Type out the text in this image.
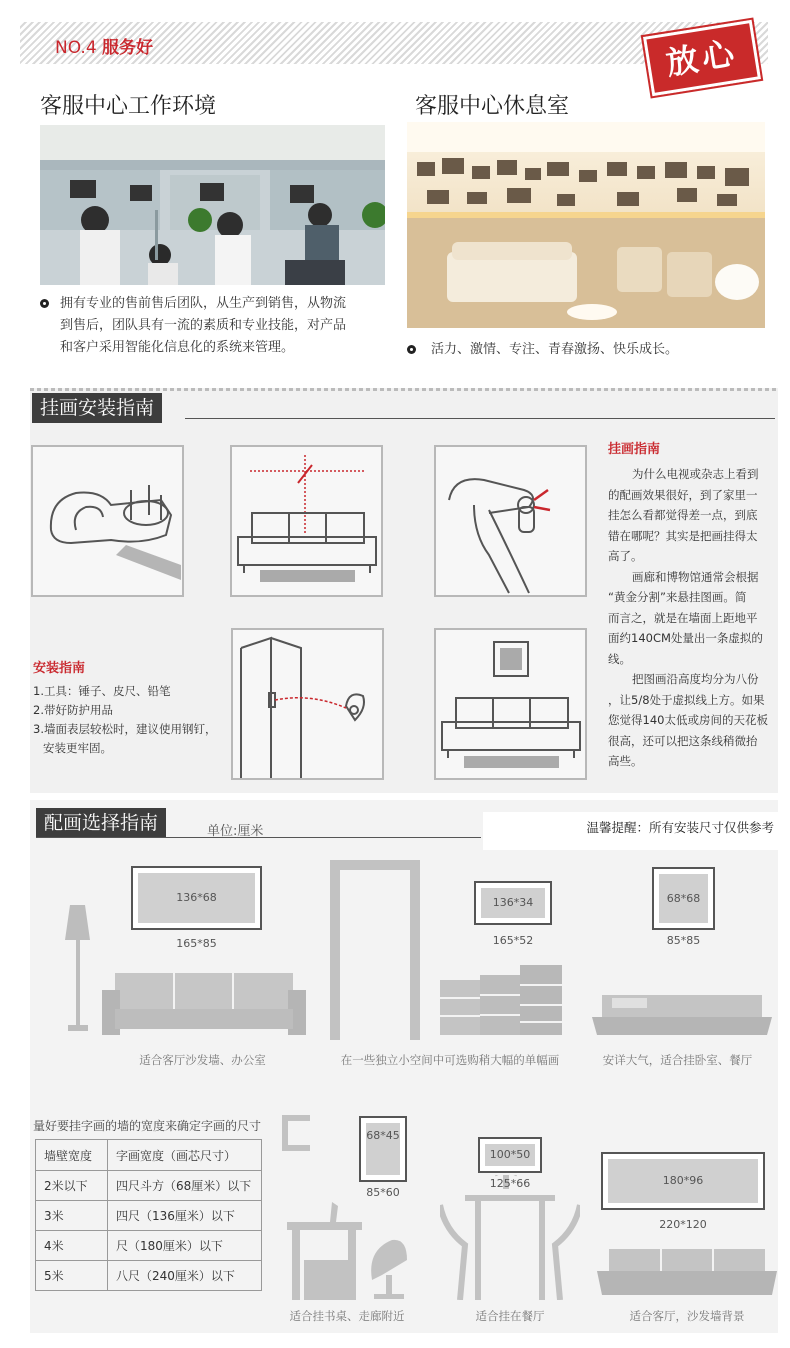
NO.4 服务好	放心
客服中心工作环境	客服中心休息室
拥有专业的售前售后团队，从生产到销售，从物流
到售后，团队具有一流的素质和专业技能，对产品
和客户采用智能化信息化的系统来管理。	活力、激情、专注、青春激扬、快乐成长。
挂画安装指南
挂画指南
为什么电视或杂志上看到
的配画效果很好，到了家里一
挂怎么看都觉得差一点，到底
错在哪呢？其实是把画挂得太
高了。
画廊和博物馆通常会根据
“黄金分割”来悬挂图画。简
而言之，就是在墙面上距地平
面约140CM处量出一条虚拟的
线。
把图画沿高度均分为八份
，让5/8处于虚拟线上方。如果
您觉得140太低或房间的天花板
很高，还可以把这条线稍微抬
高些。
安装指南
1.工具：锤子、皮尺、铅笔
2.带好防护用品
3.墙面表层较松时，建议使用钢钉，
安装更牢固。
配画选择指南	单位:厘米	温馨提醒：所有安装尺寸仅供参考
136*68
165*85
适合客厅沙发墙、办公室
136*34
165*52
在一些独立小空间中可选购稍大幅的单幅画
68*68
85*85
安详大气，适合挂卧室、餐厅
量好要挂字画的墙的宽度来确定字画的尺寸
墙壁宽度	字画宽度（画芯尺寸）
2米以下	四尺斗方（68厘米）以下
3米	四尺（136厘米）以下
4米	尺（180厘米）以下
5米	八尺（240厘米）以下
68*45
85*60
适合挂书桌、走廊附近
100*50
125*66
适合挂在餐厅
180*96
220*120
适合客厅，沙发墙背景
